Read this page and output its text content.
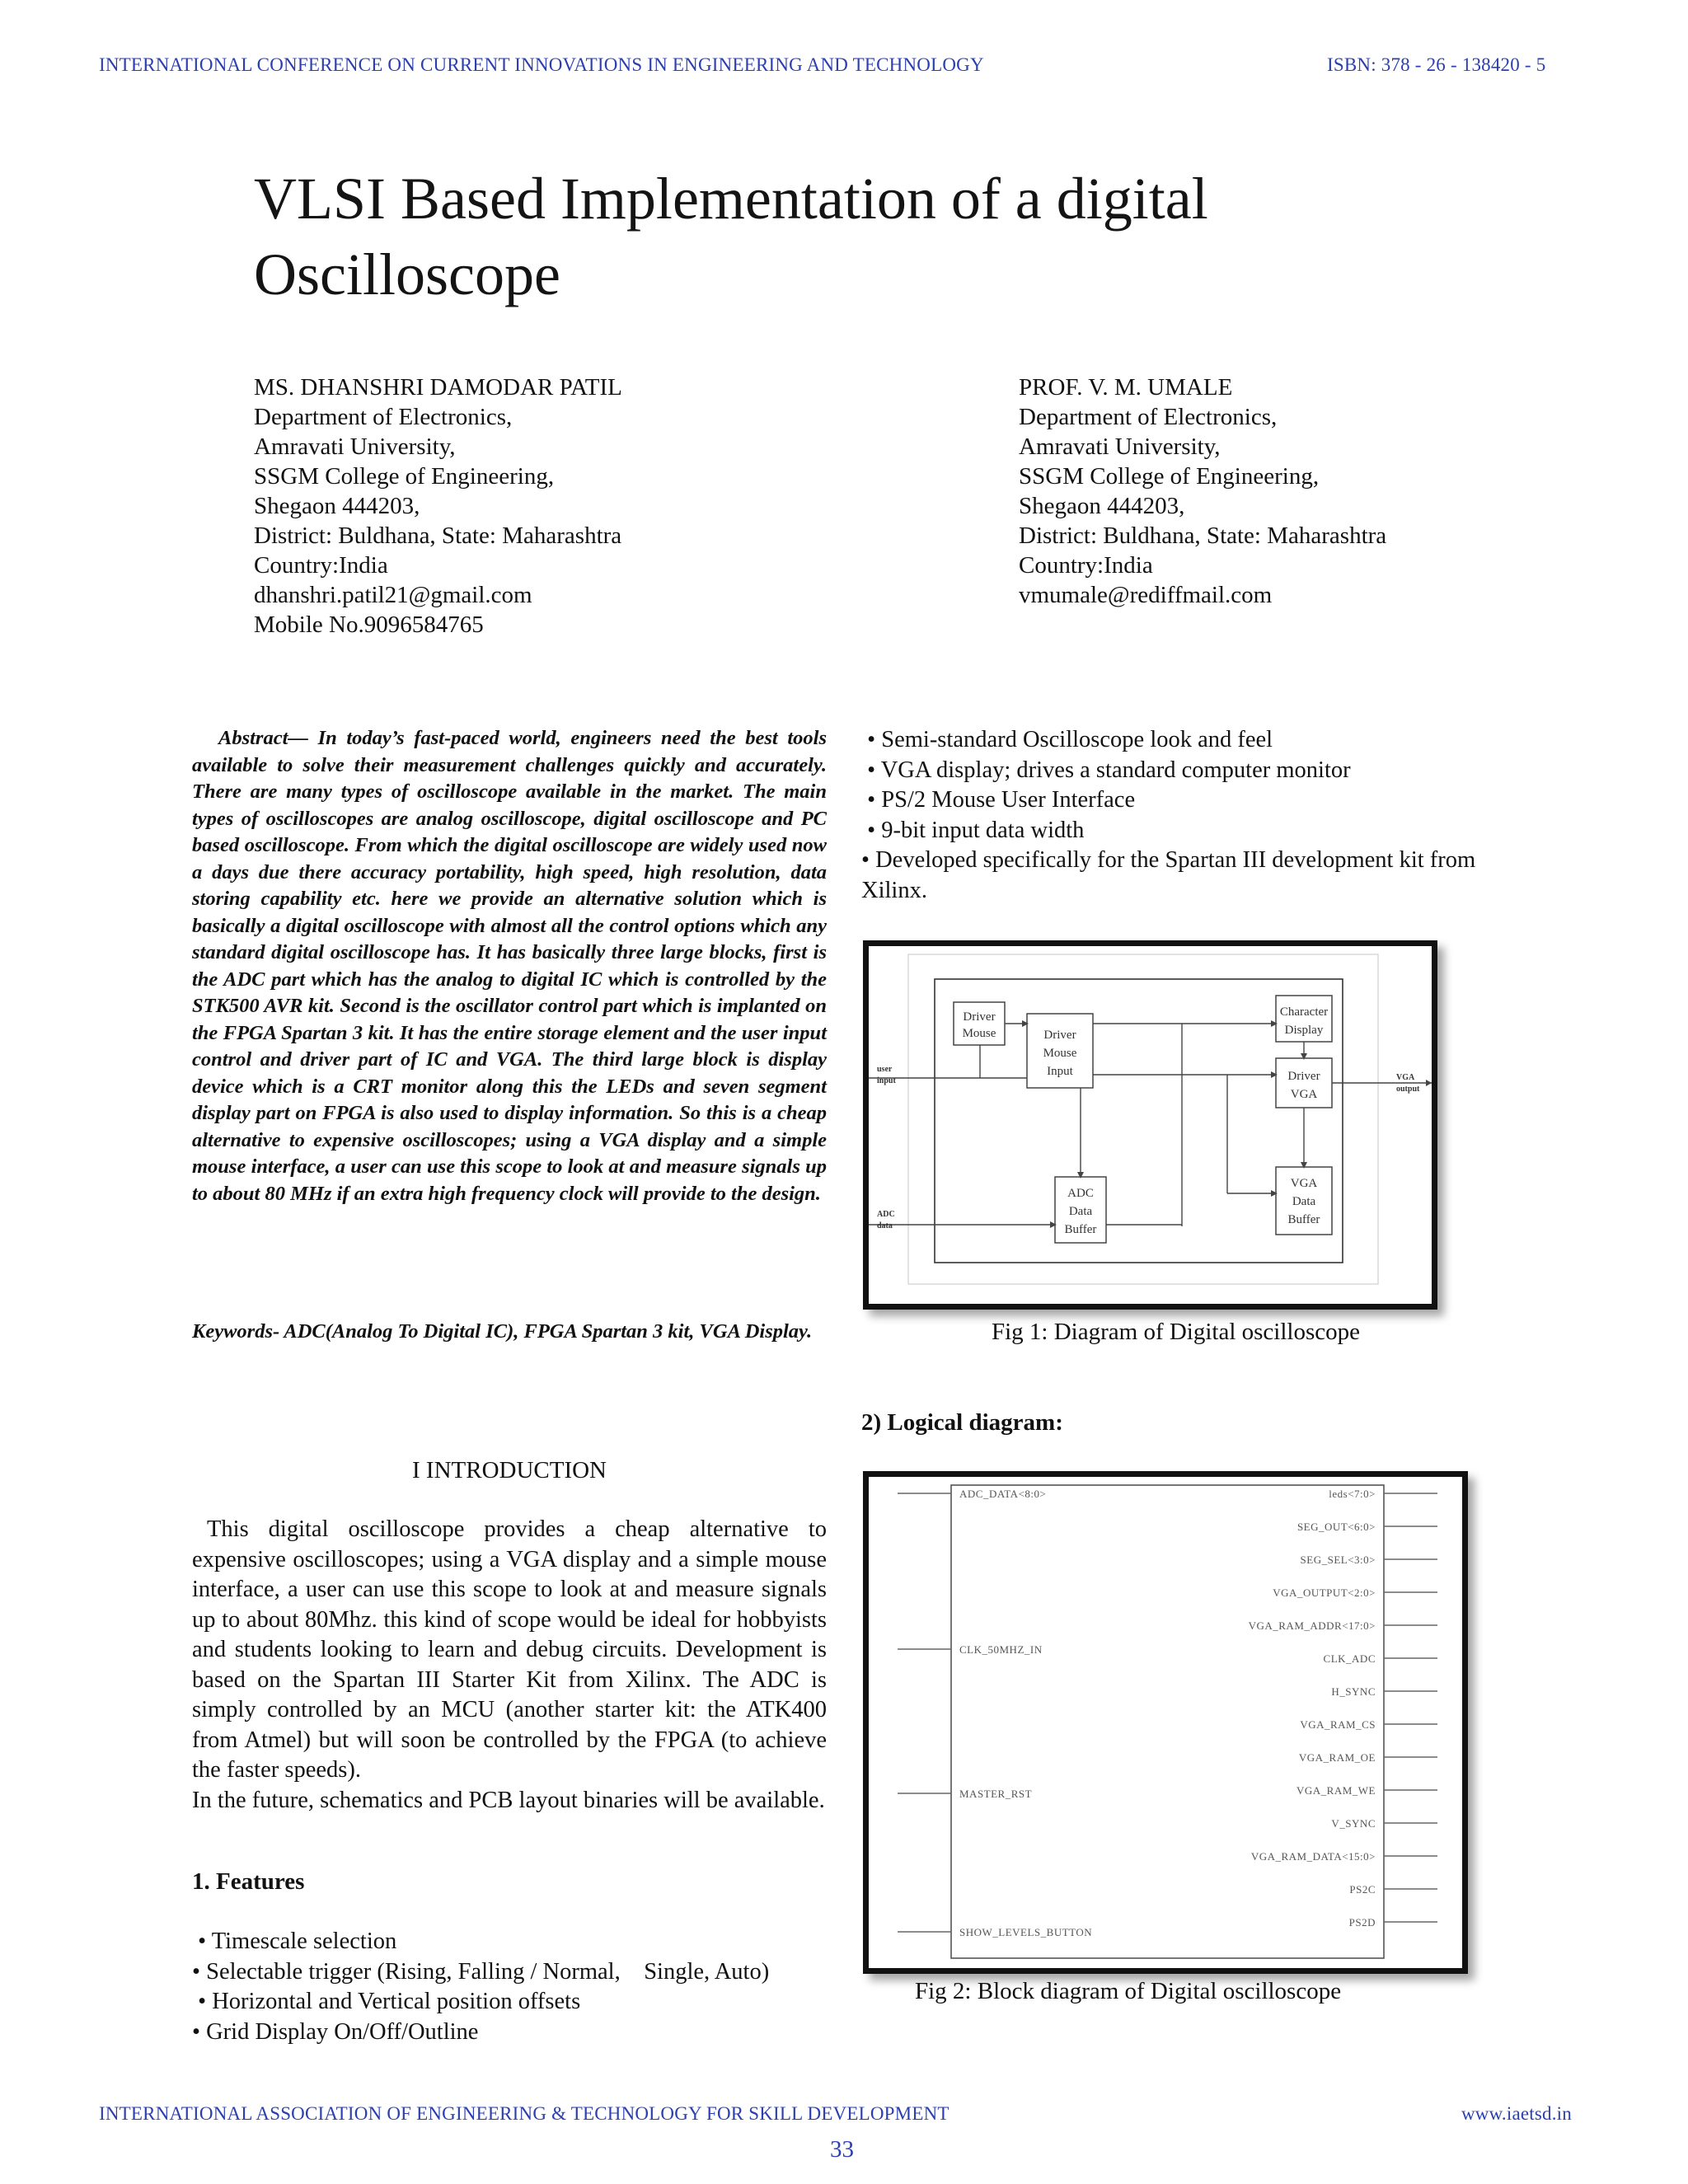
INTERNATIONAL CONFERENCE ON CURRENT INNOVATIONS IN ENGINEERING AND TECHNOLOGY	ISBN: 378 - 26 - 138420 - 5
VLSI Based Implementation of a digital
Oscilloscope
MS. DHANSHRI DAMODAR PATIL
Department of Electronics,
Amravati University,
SSGM College of Engineering,
Shegaon 444203,
District: Buldhana, State: Maharashtra
Country:India
dhanshri.patil21@gmail.com
Mobile No.9096584765
PROF. V. M. UMALE
Department of Electronics,
Amravati University,
SSGM College of Engineering,
Shegaon 444203,
District: Buldhana, State: Maharashtra
Country:India
vmumale@rediffmail.com
Abstract— In today’s fast-paced world, engineers need the best tools available to solve their measurement challenges quickly and accurately. There are many types of oscilloscope available in the market. The main types of oscilloscopes are analog oscilloscope, digital oscilloscope and PC based oscilloscope. From which the digital oscilloscope are widely used now a days due there accuracy portability, high speed, high resolution, data storing capability etc. here we provide an alternative solution which is basically a digital oscilloscope with almost all the control options which any standard digital oscilloscope has. It has basically three large blocks, first is the ADC part which has the analog to digital IC which is controlled by the STK500 AVR kit. Second is the oscillator control part which is implanted on the FPGA Spartan 3 kit. It has the entire storage element and the user input control and driver part of IC and VGA. The third large block is display device which is a CRT monitor along this the LEDs and seven segment display part on FPGA is also used to display information. So this is a cheap alternative to expensive oscilloscopes; using a VGA display and a simple mouse interface, a user can use this scope to look at and measure signals up to about 80 MHz if an extra high frequency clock will provide to the design.
Keywords- ADC(Analog To Digital IC), FPGA Spartan 3 kit, VGA Display.
I INTRODUCTION
This digital oscilloscope provides a cheap alternative to expensive oscilloscopes; using a VGA display and a simple mouse interface, a user can use this scope to look at and measure signals up to about 80Mhz. this kind of scope would be ideal for hobbyists and students looking to learn and debug circuits. Development is based on the Spartan III Starter Kit from Xilinx. The ADC is simply controlled by an MCU (another starter kit: the ATK400 from Atmel) but will soon be controlled by the FPGA (to achieve the faster speeds).
In the future, schematics and PCB layout binaries will be available.
1. Features
• Timescale selection
• Selectable trigger (Rising, Falling / Normal,    Single, Auto)
• Horizontal and Vertical position offsets
• Grid Display On/Off/Outline
• Semi-standard Oscilloscope look and feel
• VGA display; drives a standard computer monitor
• PS/2 Mouse User Interface
• 9-bit input data width
• Developed specifically for the Spartan III development kit from Xilinx.
Driver
Mouse	Driver
Mouse
Input
Character
Display
Driver
VGA
ADC
Data
Buffer
VGA
Data
Buffer
user
input
ADC
data
VGA
output
Fig 1: Diagram of Digital oscilloscope
2) Logical diagram:
ADC_DATA<8:0>
CLK_50MHZ_IN
MASTER_RST
SHOW_LEVELS_BUTTON
leds<7:0>
SEG_OUT<6:0>
SEG_SEL<3:0>
VGA_OUTPUT<2:0>
VGA_RAM_ADDR<17:0>
CLK_ADC
H_SYNC
VGA_RAM_CS
VGA_RAM_OE
VGA_RAM_WE
V_SYNC
VGA_RAM_DATA<15:0>
PS2C
PS2D
Fig 2: Block diagram of Digital oscilloscope
INTERNATIONAL ASSOCIATION OF ENGINEERING & TECHNOLOGY FOR SKILL DEVELOPMENT	www.iaetsd.in
33
